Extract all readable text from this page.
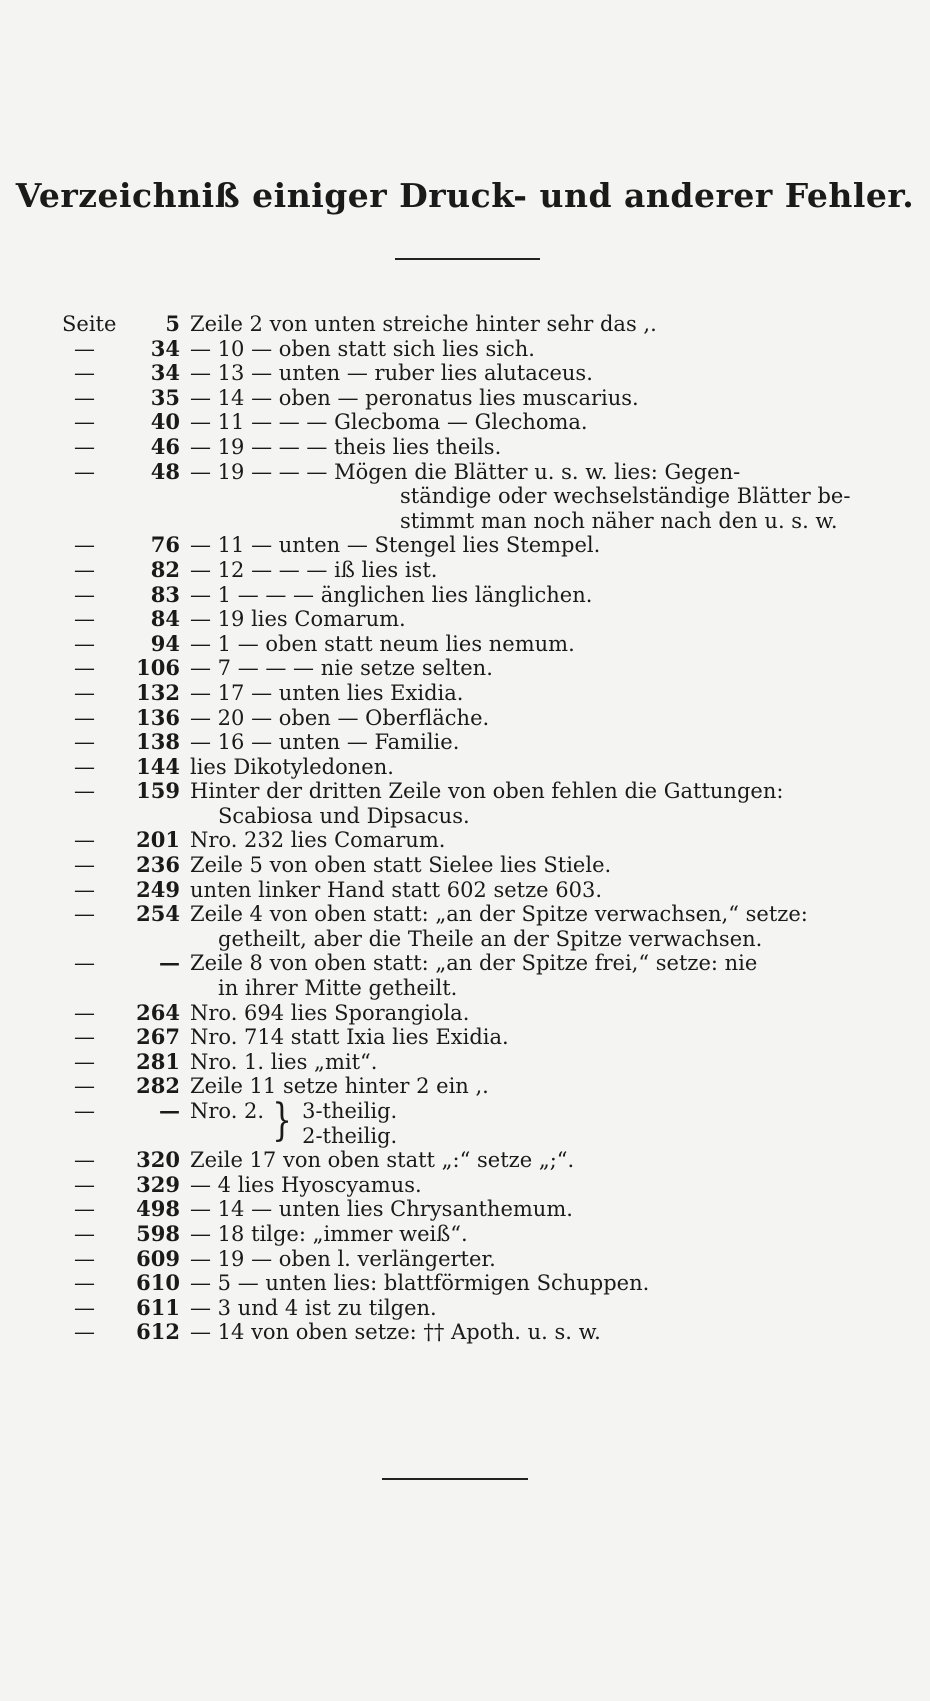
Verzeichniß einiger Druck- und anderer Fehler.
Seite	5 Zeile 2 von unten streiche hinter sehr das ,.
—	34 — 10 — oben statt sich lies sich.
—	34 — 13 — unten — ruber lies alutaceus.
—	35 — 14 — oben — peronatus lies muscarius.
—	40 — 11 — — — Glecboma — Glechoma.
—	46 — 19 — — — theis lies theils.
—	48 — 19 — — — Mögen die Blätter u. s. w. lies: Gegen-
ständige oder wechselständige Blätter be-
stimmt man noch näher nach den u. s. w.
—	76 — 11 — unten — Stengel lies Stempel.
—	82 — 12 — — — iß lies ist.
—	83 — 1 — — — änglichen lies länglichen.
—	84 — 19 lies Comarum.
—	94 — 1 — oben statt neum lies nemum.
—	106 — 7 — — — nie setze selten.
—	132 — 17 — unten lies Exidia.
—	136 — 20 — oben — Oberfläche.
—	138 — 16 — unten — Familie.
—	144 lies Dikotyledonen.
—	159 Hinter der dritten Zeile von oben fehlen die Gattungen:
Scabiosa und Dipsacus.
—	201 Nro. 232 lies Comarum.
—	236 Zeile 5 von oben statt Sielee lies Stiele.
—	249 unten linker Hand statt 602 setze 603.
—	254 Zeile 4 von oben statt: „an der Spitze verwachsen,“ setze:
getheilt, aber die Theile an der Spitze verwachsen.
—	— Zeile 8 von oben statt: „an der Spitze frei,“ setze: nie
in ihrer Mitte getheilt.
—	264 Nro. 694 lies Sporangiola.
—	267 Nro. 714 statt Ixia lies Exidia.
—	281 Nro. 1. lies „mit“.
—	282 Zeile 11 setze hinter 2 ein ,.
—	— Nro. 2. } 3-theilig.
2-theilig.
—	320 Zeile 17 von oben statt „:“ setze „;“.
—	329 — 4 lies Hyoscyamus.
—	498 — 14 — unten lies Chrysanthemum.
—	598 — 18 tilge: „immer weiß“.
—	609 — 19 — oben l. verlängerter.
—	610 — 5 — unten lies: blattförmigen Schuppen.
—	611 — 3 und 4 ist zu tilgen.
—	612 — 14 von oben setze: †† Apoth. u. s. w.
